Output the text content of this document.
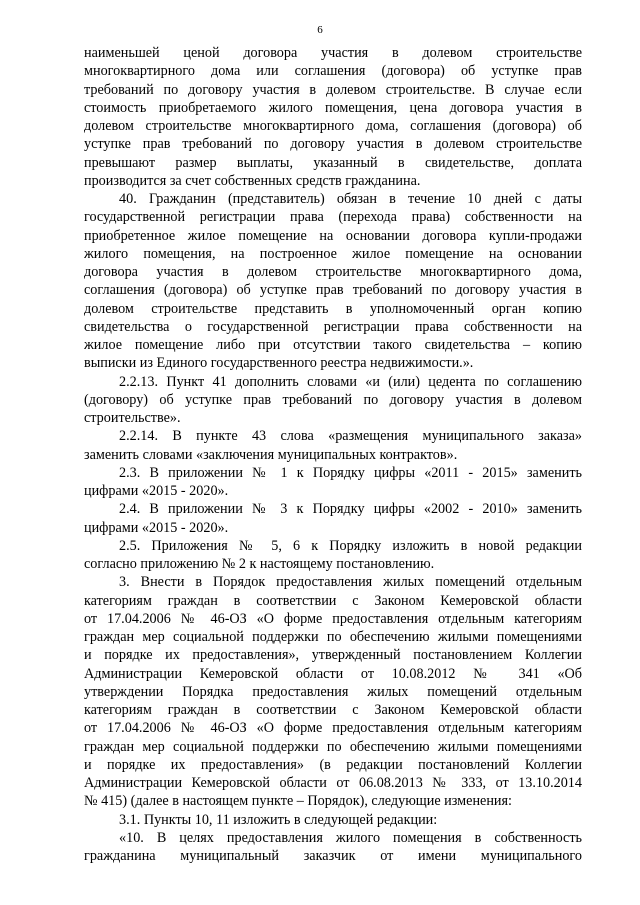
6
наименьшей ценой договора участия в долевом строительстве
многоквартирного дома или соглашения (договора) об уступке прав
требований по договору участия в долевом строительстве. В случае если
стоимость приобретаемого жилого помещения, цена договора участия в
долевом строительстве многоквартирного дома, соглашения (договора) об
уступке прав требований по договору участия в долевом строительстве
превышают размер выплаты, указанный в свидетельстве, доплата
производится за счет собственных средств гражданина.
40. Гражданин (представитель) обязан в течение 10 дней с даты
государственной регистрации права (перехода права) собственности на
приобретенное жилое помещение на основании договора купли-продажи
жилого помещения, на построенное жилое помещение на основании
договора участия в долевом строительстве многоквартирного дома,
соглашения (договора) об уступке прав требований по договору участия в
долевом строительстве представить в уполномоченный орган копию
свидетельства о государственной регистрации права собственности на
жилое помещение либо при отсутствии такого свидетельства – копию
выписки из Единого государственного реестра недвижимости.».
2.2.13. Пункт 41 дополнить словами «и (или) цедента по соглашению
(договору) об уступке прав требований по договору участия в долевом
строительстве».
2.2.14. В пункте 43 слова «размещения муниципального заказа»
заменить словами «заключения муниципальных контрактов».
2.3. В приложении № 1 к Порядку цифры «2011 - 2015» заменить
цифрами «2015 - 2020».
2.4. В приложении № 3 к Порядку цифры «2002 - 2010» заменить
цифрами «2015 - 2020».
2.5. Приложения № 5, 6 к Порядку изложить в новой редакции
согласно приложению № 2 к настоящему постановлению.
3. Внести в Порядок предоставления жилых помещений отдельным
категориям граждан в соответствии с Законом Кемеровской области
от 17.04.2006 № 46-ОЗ «О форме предоставления отдельным категориям
граждан мер социальной поддержки по обеспечению жилыми помещениями
и порядке их предоставления», утвержденный постановлением Коллегии
Администрации Кемеровской области от 10.08.2012 № 341 «Об
утверждении Порядка предоставления жилых помещений отдельным
категориям граждан в соответствии с Законом Кемеровской области
от 17.04.2006 № 46-ОЗ «О форме предоставления отдельным категориям
граждан мер социальной поддержки по обеспечению жилыми помещениями
и порядке их предоставления» (в редакции постановлений Коллегии
Администрации Кемеровской области от 06.08.2013 № 333, от 13.10.2014
№ 415) (далее в настоящем пункте – Порядок), следующие изменения:
3.1. Пункты 10, 11 изложить в следующей редакции:
«10. В целях предоставления жилого помещения в собственность
гражданина муниципальный заказчик от имени муниципального
